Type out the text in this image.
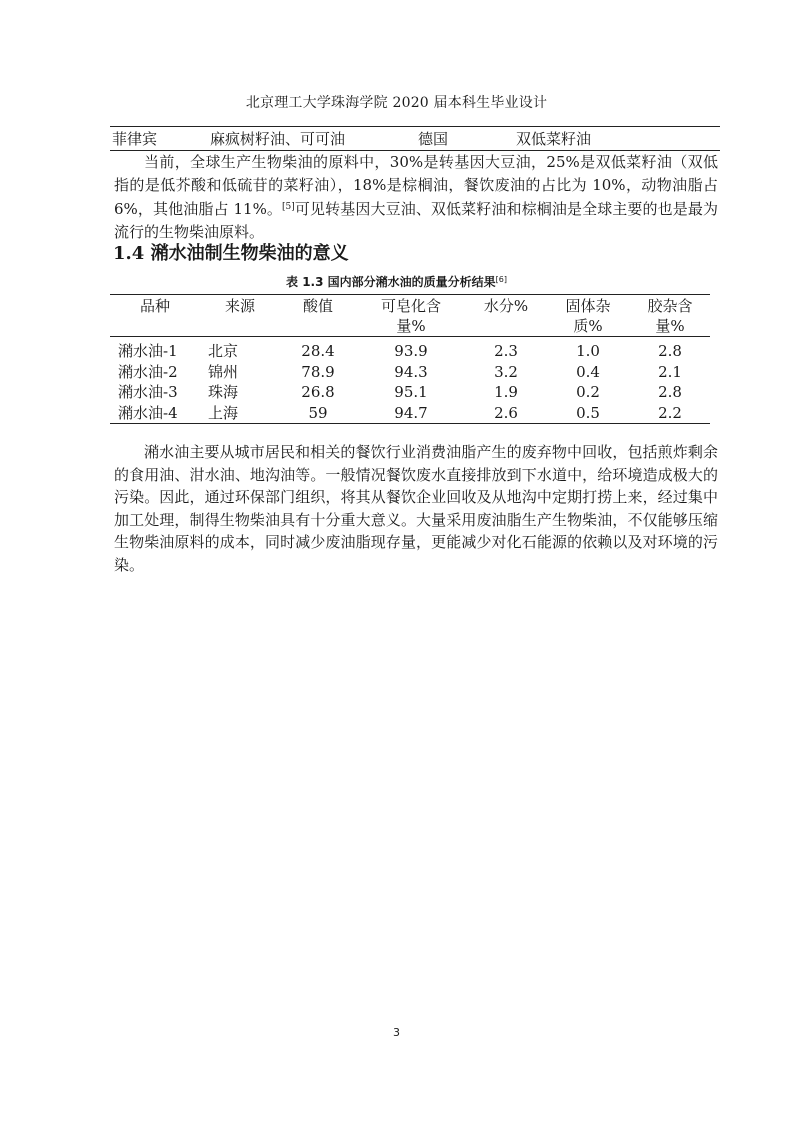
北京理工大学珠海学院 2020 届本科生毕业设计
菲律宾	麻疯树籽油、可可油	德国	双低菜籽油

当前，全球生产生物柴油的原料中，30%是转基因大豆油，25%是双低菜籽油（双低指的是低芥酸和低硫苷的菜籽油），18%是棕榈油，餐饮废油的占比为 10%，动物油脂占 6%，其他油脂占 11%。[5]可见转基因大豆油、双低菜籽油和棕榈油是全球主要的也是最为流行的生物柴油原料。

1.4 潲水油制生物柴油的意义
表 1.3 国内部分潲水油的质量分析结果[6]
品种	来源	酸值	可皂化含量%	水分%	固体杂质%	胶杂含量%

潲水油-1	北京	28.4	93.9	2.3	1.0	2.8
潲水油-2	锦州	78.9	94.3	3.2	0.4	2.1
潲水油-3	珠海	26.8	95.1	1.9	0.2	2.8
潲水油-4	上海	59	94.7	2.6	0.5	2.2

潲水油主要从城市居民和相关的餐饮行业消费油脂产生的废弃物中回收，包括煎炸剩余的食用油、泔水油、地沟油等。一般情况餐饮废水直接排放到下水道中，给环境造成极大的污染。因此，通过环保部门组织，将其从餐饮企业回收及从地沟中定期打捞上来，经过集中加工处理，制得生物柴油具有十分重大意义。大量采用废油脂生产生物柴油，不仅能够压缩生物柴油原料的成本，同时减少废油脂现存量，更能减少对化石能源的依赖以及对环境的污染。

3
